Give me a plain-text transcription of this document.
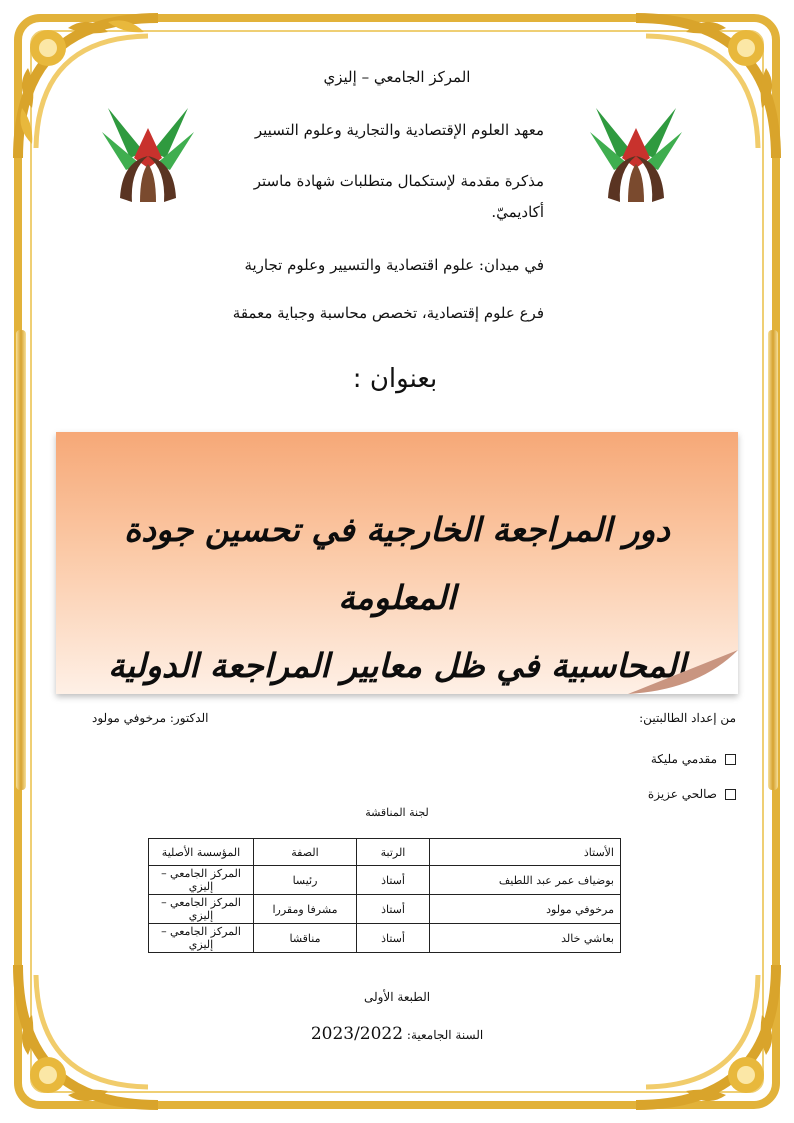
المركز الجامعي – إليزي
معهد العلوم الإقتصادية والتجارية وعلوم التسيير
مذكرة مقدمة لإستكمال متطلبات شهادة ماستر
أكاديميّ.
في ميدان: علوم اقتصادية والتسيير وعلوم تجارية
فرع علوم إقتصادية، تخصص محاسبة وجباية معمقة
بعنوان :
دور المراجعة الخارجية في تحسين جودة المعلومة
المحاسبية في ظل معايير المراجعة الدولية
من إعداد الطالبتين:
الدكتور: مرخوفي مولود
مقدمي مليكة
صالحي عزيزة
لجنة المناقشة
الأستاذ	الرتبة	الصفة	المؤسسة الأصلية
بوضياف عمر عبد اللطيف	أستاذ	رئيسا	المركز الجامعي –إليزي
مرخوفي مولود	أستاذ	مشرفا ومقررا	المركز الجامعي –إليزي
بعاشي خالد	أستاذ	مناقشا	المركز الجامعي –إليزي
الطبعة الأولى
السنة الجامعية: 2023/2022
